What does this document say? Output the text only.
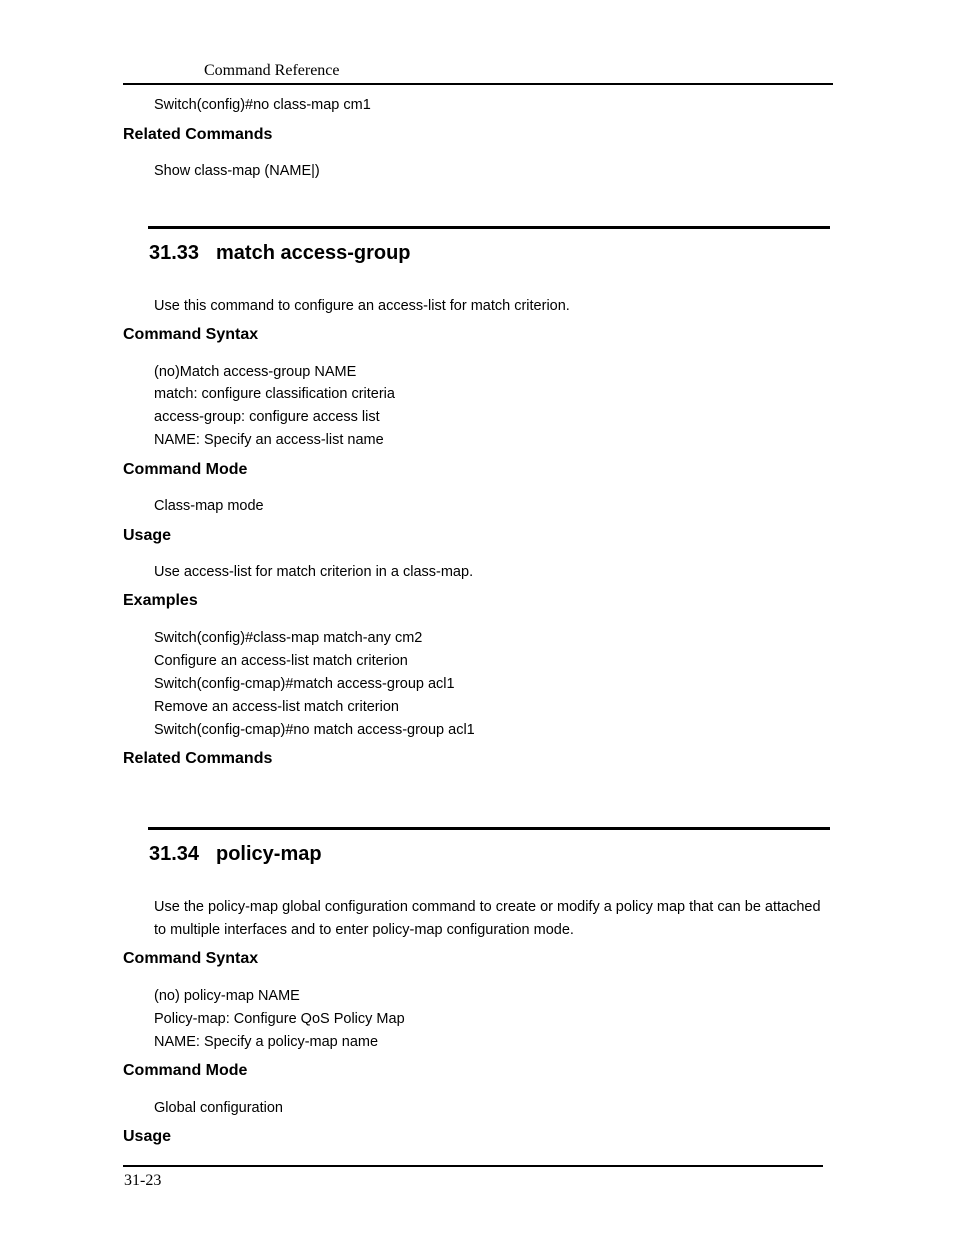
Command Reference
Switch(config)#no class-map cm1
Related Commands
Show class-map (NAME|)
31.33 match access-group
Use this command to configure an access-list for match criterion.
Command Syntax
(no)Match access-group NAME
match: configure classification criteria
access-group: configure access list
NAME: Specify an access-list name
Command Mode
Class-map mode
Usage
Use access-list for match criterion in a class-map.
Examples
Switch(config)#class-map match-any cm2
Configure an access-list match criterion
Switch(config-cmap)#match access-group acl1
Remove an access-list match criterion
Switch(config-cmap)#no match access-group acl1
Related Commands
31.34 policy-map
Use the policy-map global configuration command to create or modify a policy map that can be attached
to multiple interfaces and to enter policy-map configuration mode.
Command Syntax
(no) policy-map NAME
Policy-map: Configure QoS Policy Map
NAME: Specify a policy-map name
Command Mode
Global configuration
Usage
31-23
